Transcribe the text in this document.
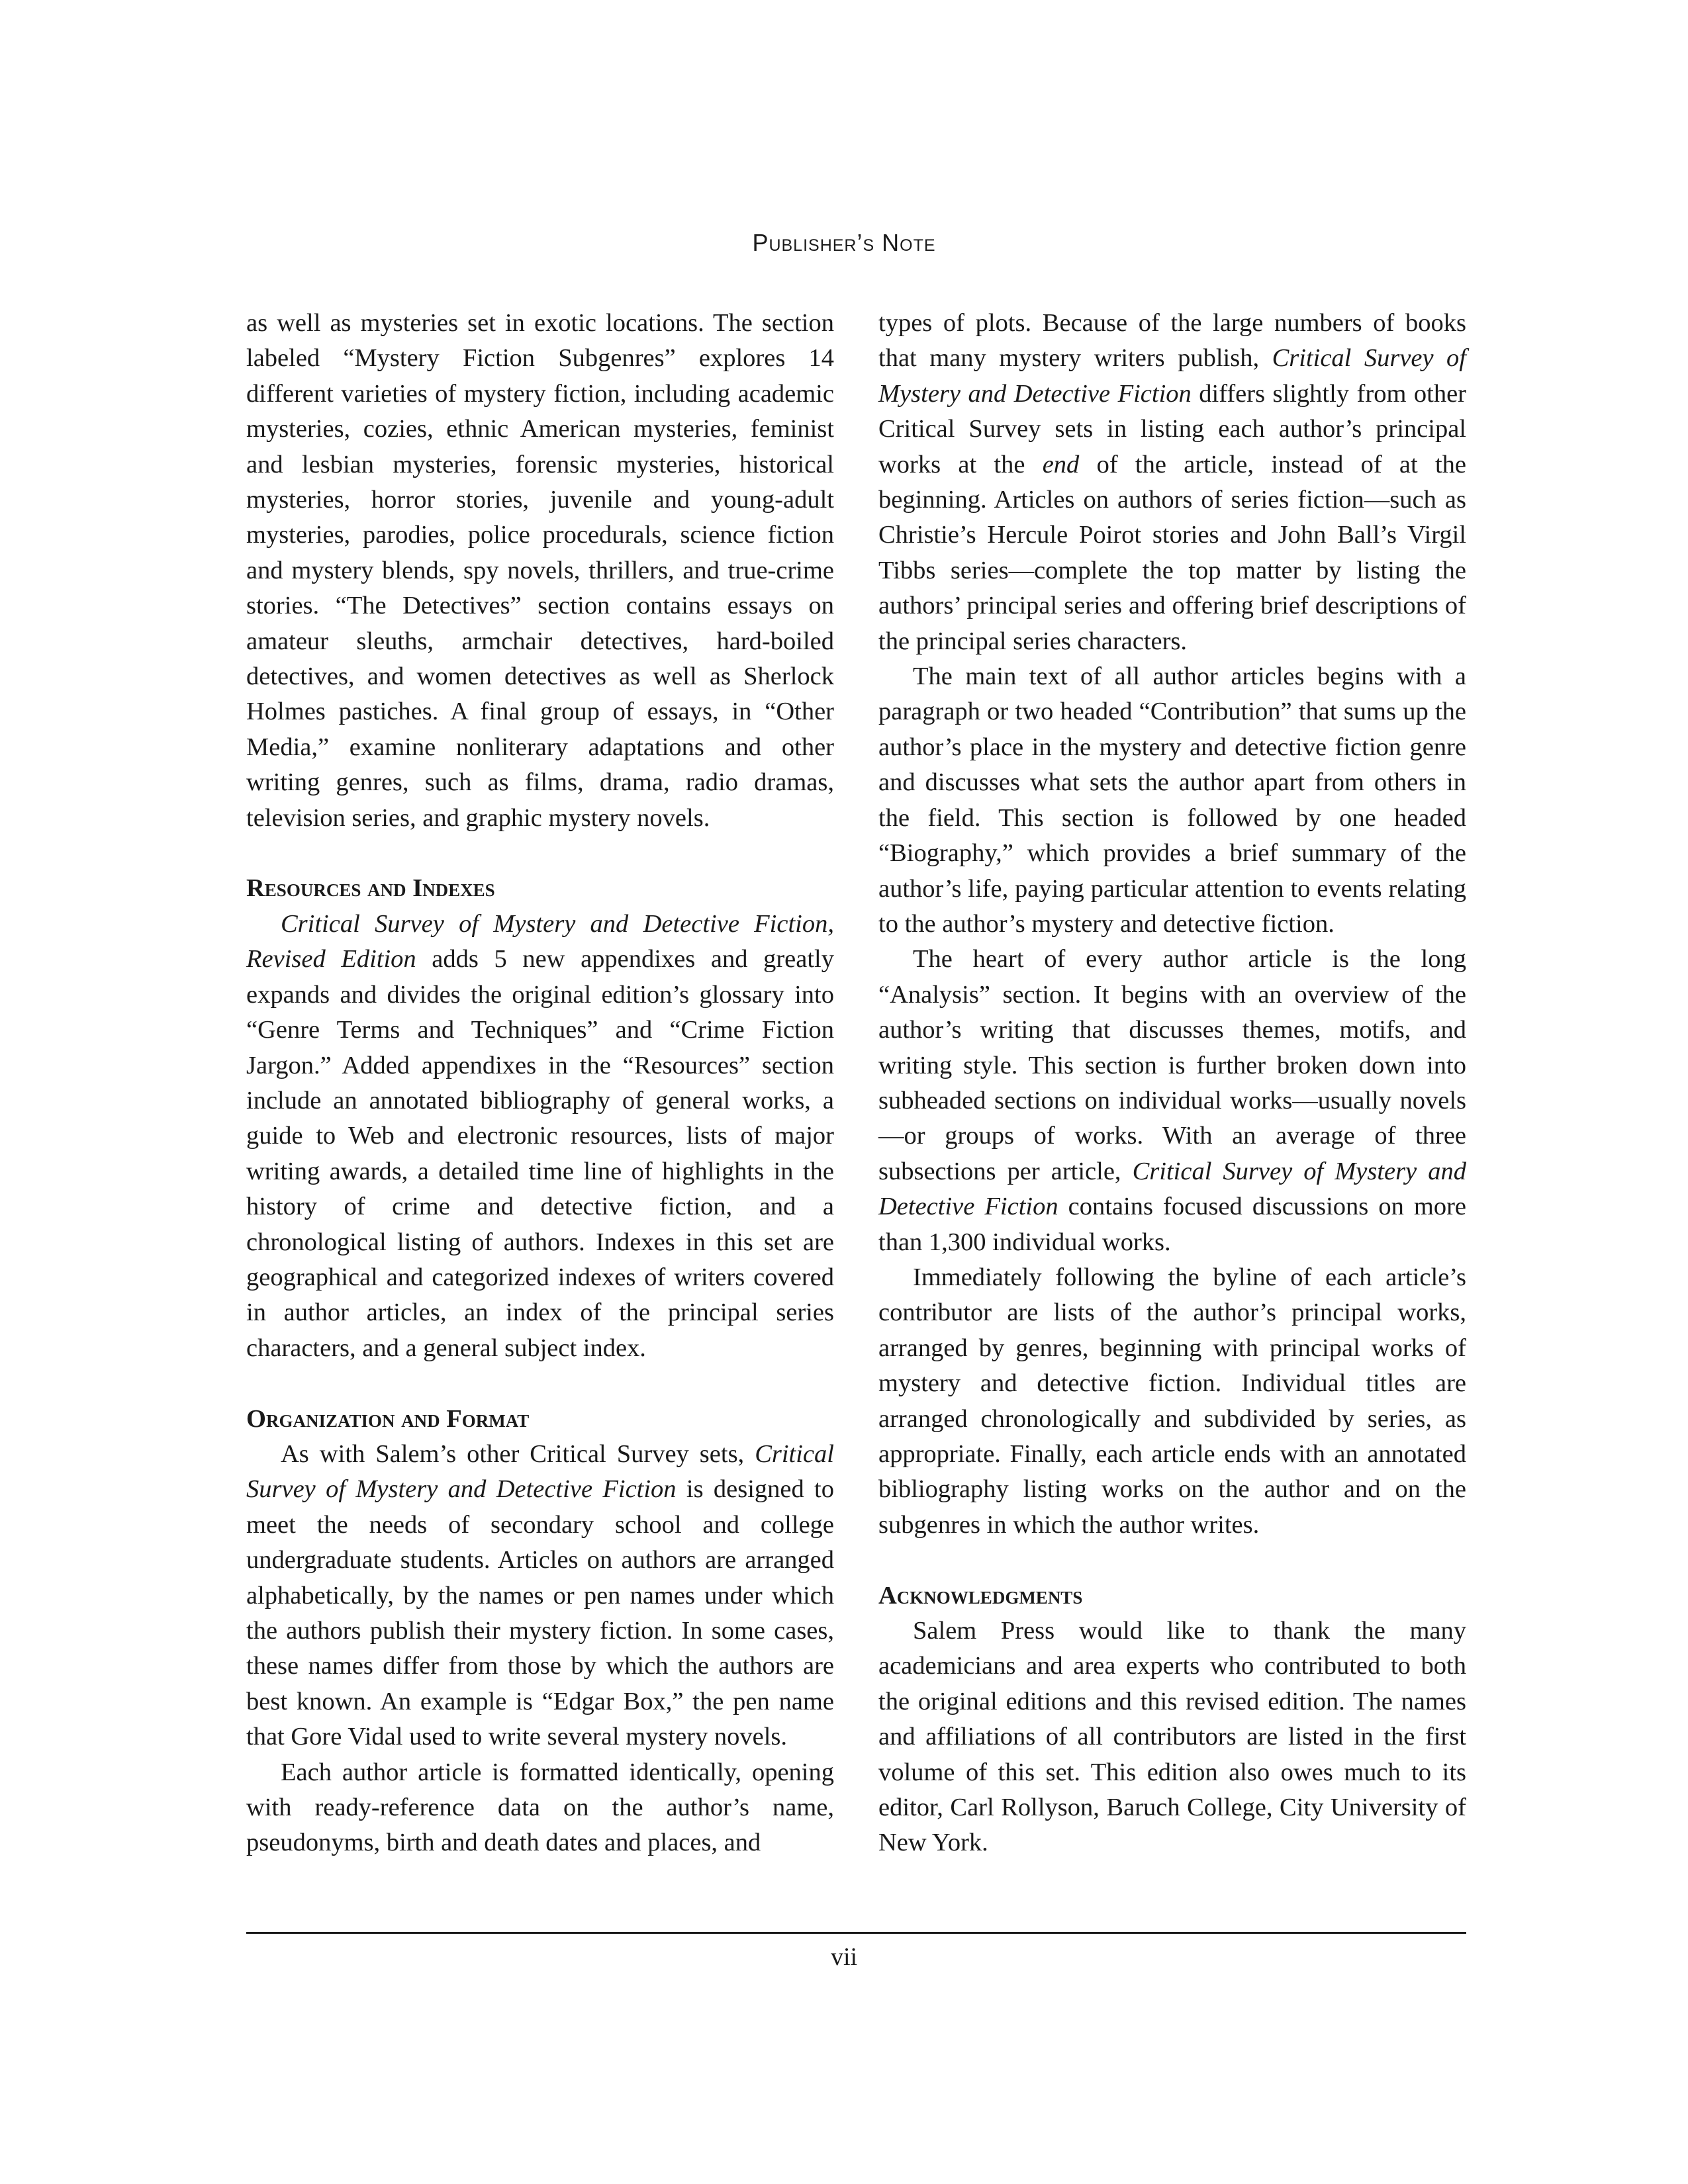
Publisher’s Note

as well as mysteries set in exotic locations. The section labeled “Mystery Fiction Subgenres” explores 14 different varieties of mystery fiction, including academic mysteries, cozies, ethnic American mysteries, feminist and lesbian mysteries, forensic mysteries, historical mysteries, horror stories, juvenile and young-adult mysteries, parodies, police procedurals, science fiction and mystery blends, spy novels, thrillers, and true-crime stories. “The Detectives” section contains essays on amateur sleuths, armchair detectives, hard-boiled detectives, and women detectives as well as Sherlock Holmes pastiches. A final group of essays, in “Other Media,” examine nonliterary adaptations and other writing genres, such as films, drama, radio dramas, television series, and graphic mystery novels.

Resources and Indexes

Critical Survey of Mystery and Detective Fiction, Revised Edition adds 5 new appendixes and greatly expands and divides the original edition’s glossary into “Genre Terms and Techniques” and “Crime Fiction Jargon.” Added appendixes in the “Resources” section include an annotated bibliography of general works, a guide to Web and electronic resources, lists of major writing awards, a detailed time line of highlights in the history of crime and detective fiction, and a chronological listing of authors. Indexes in this set are geographical and categorized indexes of writers covered in author articles, an index of the principal series characters, and a general subject index.

Organization and Format

As with Salem’s other Critical Survey sets, Critical Survey of Mystery and Detective Fiction is designed to meet the needs of secondary school and college undergraduate students. Articles on authors are arranged alphabetically, by the names or pen names under which the authors publish their mystery fiction. In some cases, these names differ from those by which the authors are best known. An example is “Edgar Box,” the pen name that Gore Vidal used to write several mystery novels.

Each author article is formatted identically, opening with ready-reference data on the author’s name, pseudonyms, birth and death dates and places, and

types of plots. Because of the large numbers of books that many mystery writers publish, Critical Survey of Mystery and Detective Fiction differs slightly from other Critical Survey sets in listing each author’s principal works at the end of the article, instead of at the beginning. Articles on authors of series fiction—such as Christie’s Hercule Poirot stories and John Ball’s Virgil Tibbs series—complete the top matter by listing the authors’ principal series and offering brief descriptions of the principal series characters.

The main text of all author articles begins with a paragraph or two headed “Contribution” that sums up the author’s place in the mystery and detective fiction genre and discusses what sets the author apart from others in the field. This section is followed by one headed “Biography,” which provides a brief summary of the author’s life, paying particular attention to events relating to the author’s mystery and detective fiction.

The heart of every author article is the long “Analysis” section. It begins with an overview of the author’s writing that discusses themes, motifs, and writing style. This section is further broken down into subheaded sections on individual works—usually novels—or groups of works. With an average of three subsections per article, Critical Survey of Mystery and Detective Fiction contains focused discussions on more than 1,300 individual works.

Immediately following the byline of each article’s contributor are lists of the author’s principal works, arranged by genres, beginning with principal works of mystery and detective fiction. Individual titles are arranged chronologically and subdivided by series, as appropriate. Finally, each article ends with an annotated bibliography listing works on the author and on the subgenres in which the author writes.

Acknowledgments

Salem Press would like to thank the many academicians and area experts who contributed to both the original editions and this revised edition. The names and affiliations of all contributors are listed in the first volume of this set. This edition also owes much to its editor, Carl Rollyson, Baruch College, City University of New York.

vii
